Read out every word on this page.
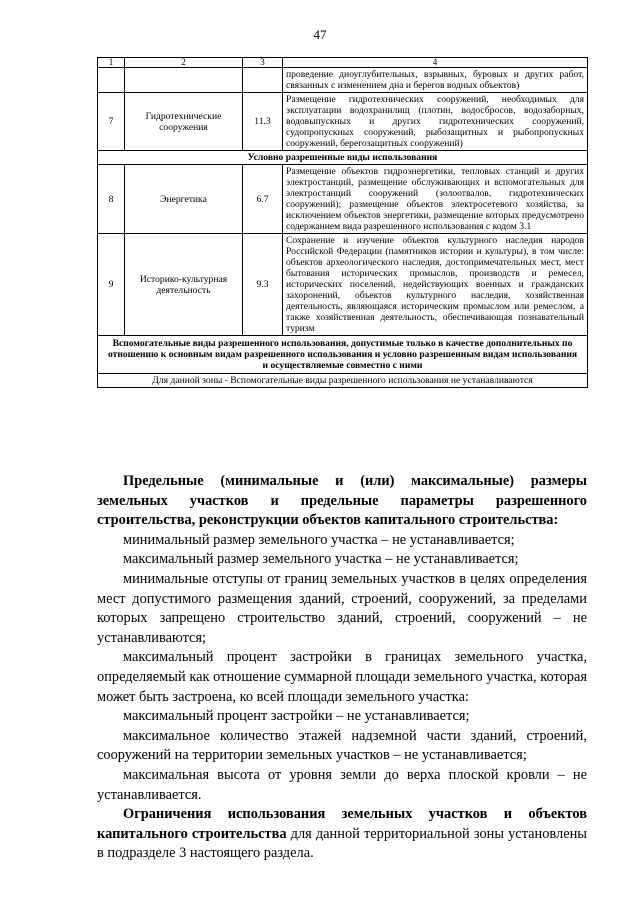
47
1	2	3	4
			проведение дноуглубительных, взрывных, буровых и других работ, связанных с изменением дна и берегов водных объектов)
7	Гидротехнические сооружения	11.3	Размещение гидротехнических сооружений, необходимых для эксплуатации водохранилищ (плотин, водосбросов, водозаборных, водовыпускных и других гидротехнических сооружений, судопропускных сооружений, рыбозащитных и рыбопропускных сооружений, берегозащитных сооружений)
Условно разрешенные виды использования			
8	Энергетика	6.7	Размещение объектов гидроэнергетики, тепловых станций и других электростанций, размещение обслуживающих и вспомогательных для электростанций сооружений (золоотвалов, гидротехнических сооружений); размещение объектов электросетевого хозяйства, за исключением объектов энергетики, размещение которых предусмотрено содержанием вида разрешенного использования с кодом 3.1
9	Историко-культурная деятельность	9.3	Сохранение и изучение объектов культурного наследия народов Российской Федерации (памятников истории и культуры), в том числе: объектов археологического наследия, достопримечательных мест, мест бытования исторических промыслов, производств и ремесел, исторических поселений, недействующих военных и гражданских захоронений, объектов культурного наследия, хозяйственная деятельность, являющаяся историческим промыслом или ремеслом, а также хозяйственная деятельность, обеспечивающая познавательный туризм
Вспомогательные виды разрешенного использования, допустимые только в качестве дополнительных по отношению к основным видам разрешенного использования и условно разрешенным видам использования и осуществляемые совместно с ними			
Для данной зоны - Вспомогательные виды разрешенного использования не устанавливаются			

Предельные (минимальные и (или) максимальные) размеры земельных участков и предельные параметры разрешенного строительства, реконструкции объектов капитального строительства:

минимальный размер земельного участка – не устанавливается;

максимальный размер земельного участка – не устанавливается;

минимальные отступы от границ земельных участков в целях определения мест допустимого размещения зданий, строений, сооружений, за пределами которых запрещено строительство зданий, строений, сооружений – не устанавливаются;

максимальный процент застройки в границах земельного участка, определяемый как отношение суммарной площади земельного участка, которая может быть застроена, ко всей площади земельного участка:

максимальный процент застройки – не устанавливается;

максимальное количество этажей надземной части зданий, строений, сооружений на территории земельных участков – не устанавливается;

максимальная высота от уровня земли до верха плоской кровли – не устанавливается.

Ограничения использования земельных участков и объектов капитального строительства для данной территориальной зоны установлены в подразделе 3 настоящего раздела.
